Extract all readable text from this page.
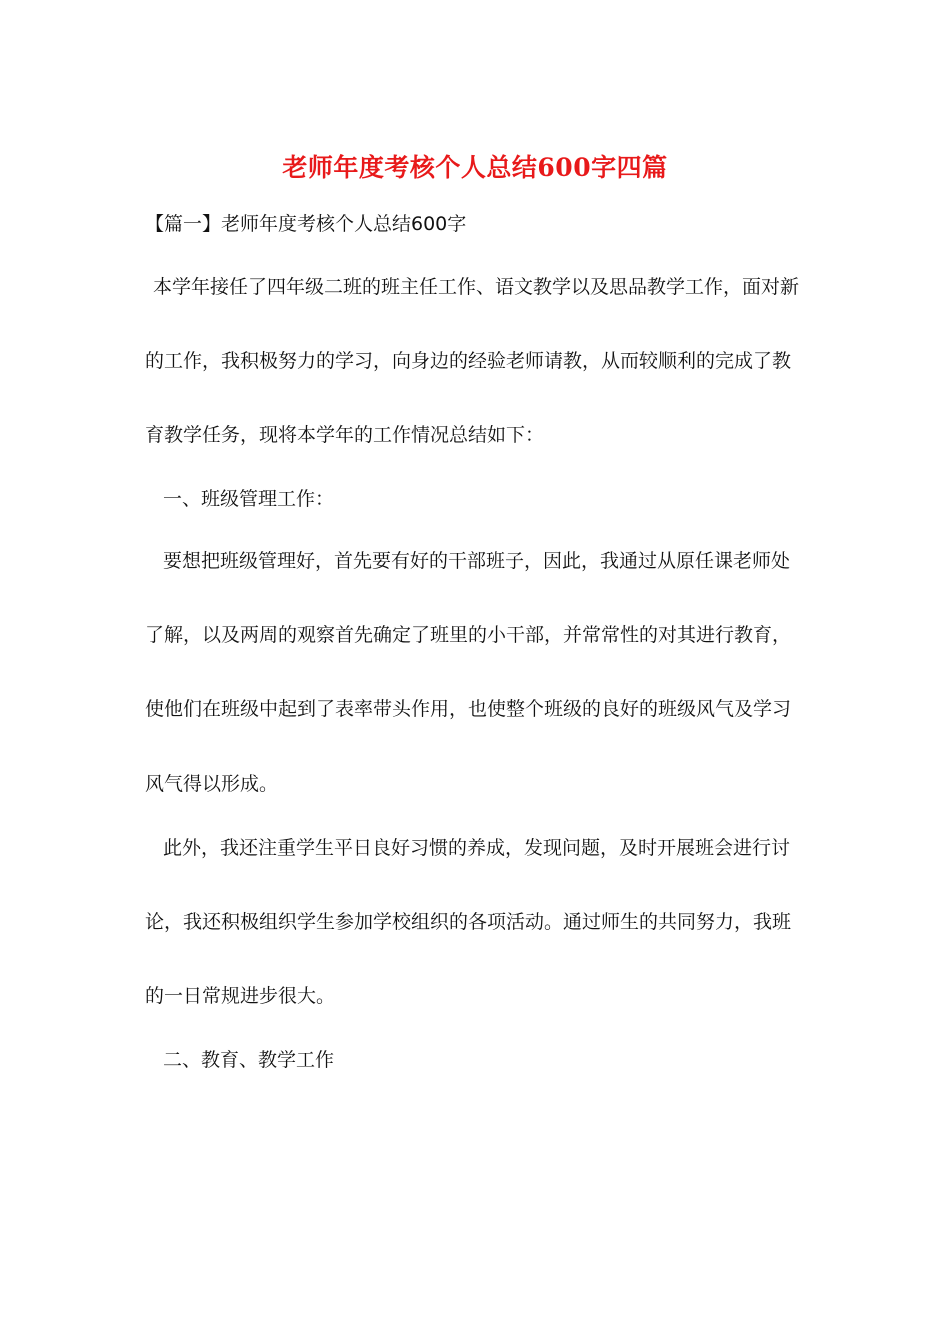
老师年度考核个人总结600字四篇
【篇一】老师年度考核个人总结600字
本学年接任了四年级二班的班主任工作、语文教学以及思品教学工作，面对新
的工作，我积极努力的学习，向身边的经验老师请教，从而较顺利的完成了教
育教学任务，现将本学年的工作情况总结如下：
一、班级管理工作：
要想把班级管理好，首先要有好的干部班子，因此，我通过从原任课老师处
了解，以及两周的观察首先确定了班里的小干部，并常常性的对其进行教育，
使他们在班级中起到了表率带头作用，也使整个班级的良好的班级风气及学习
风气得以形成。
此外，我还注重学生平日良好习惯的养成，发现问题，及时开展班会进行讨
论，我还积极组织学生参加学校组织的各项活动。通过师生的共同努力，我班
的一日常规进步很大。
二、教育、教学工作
